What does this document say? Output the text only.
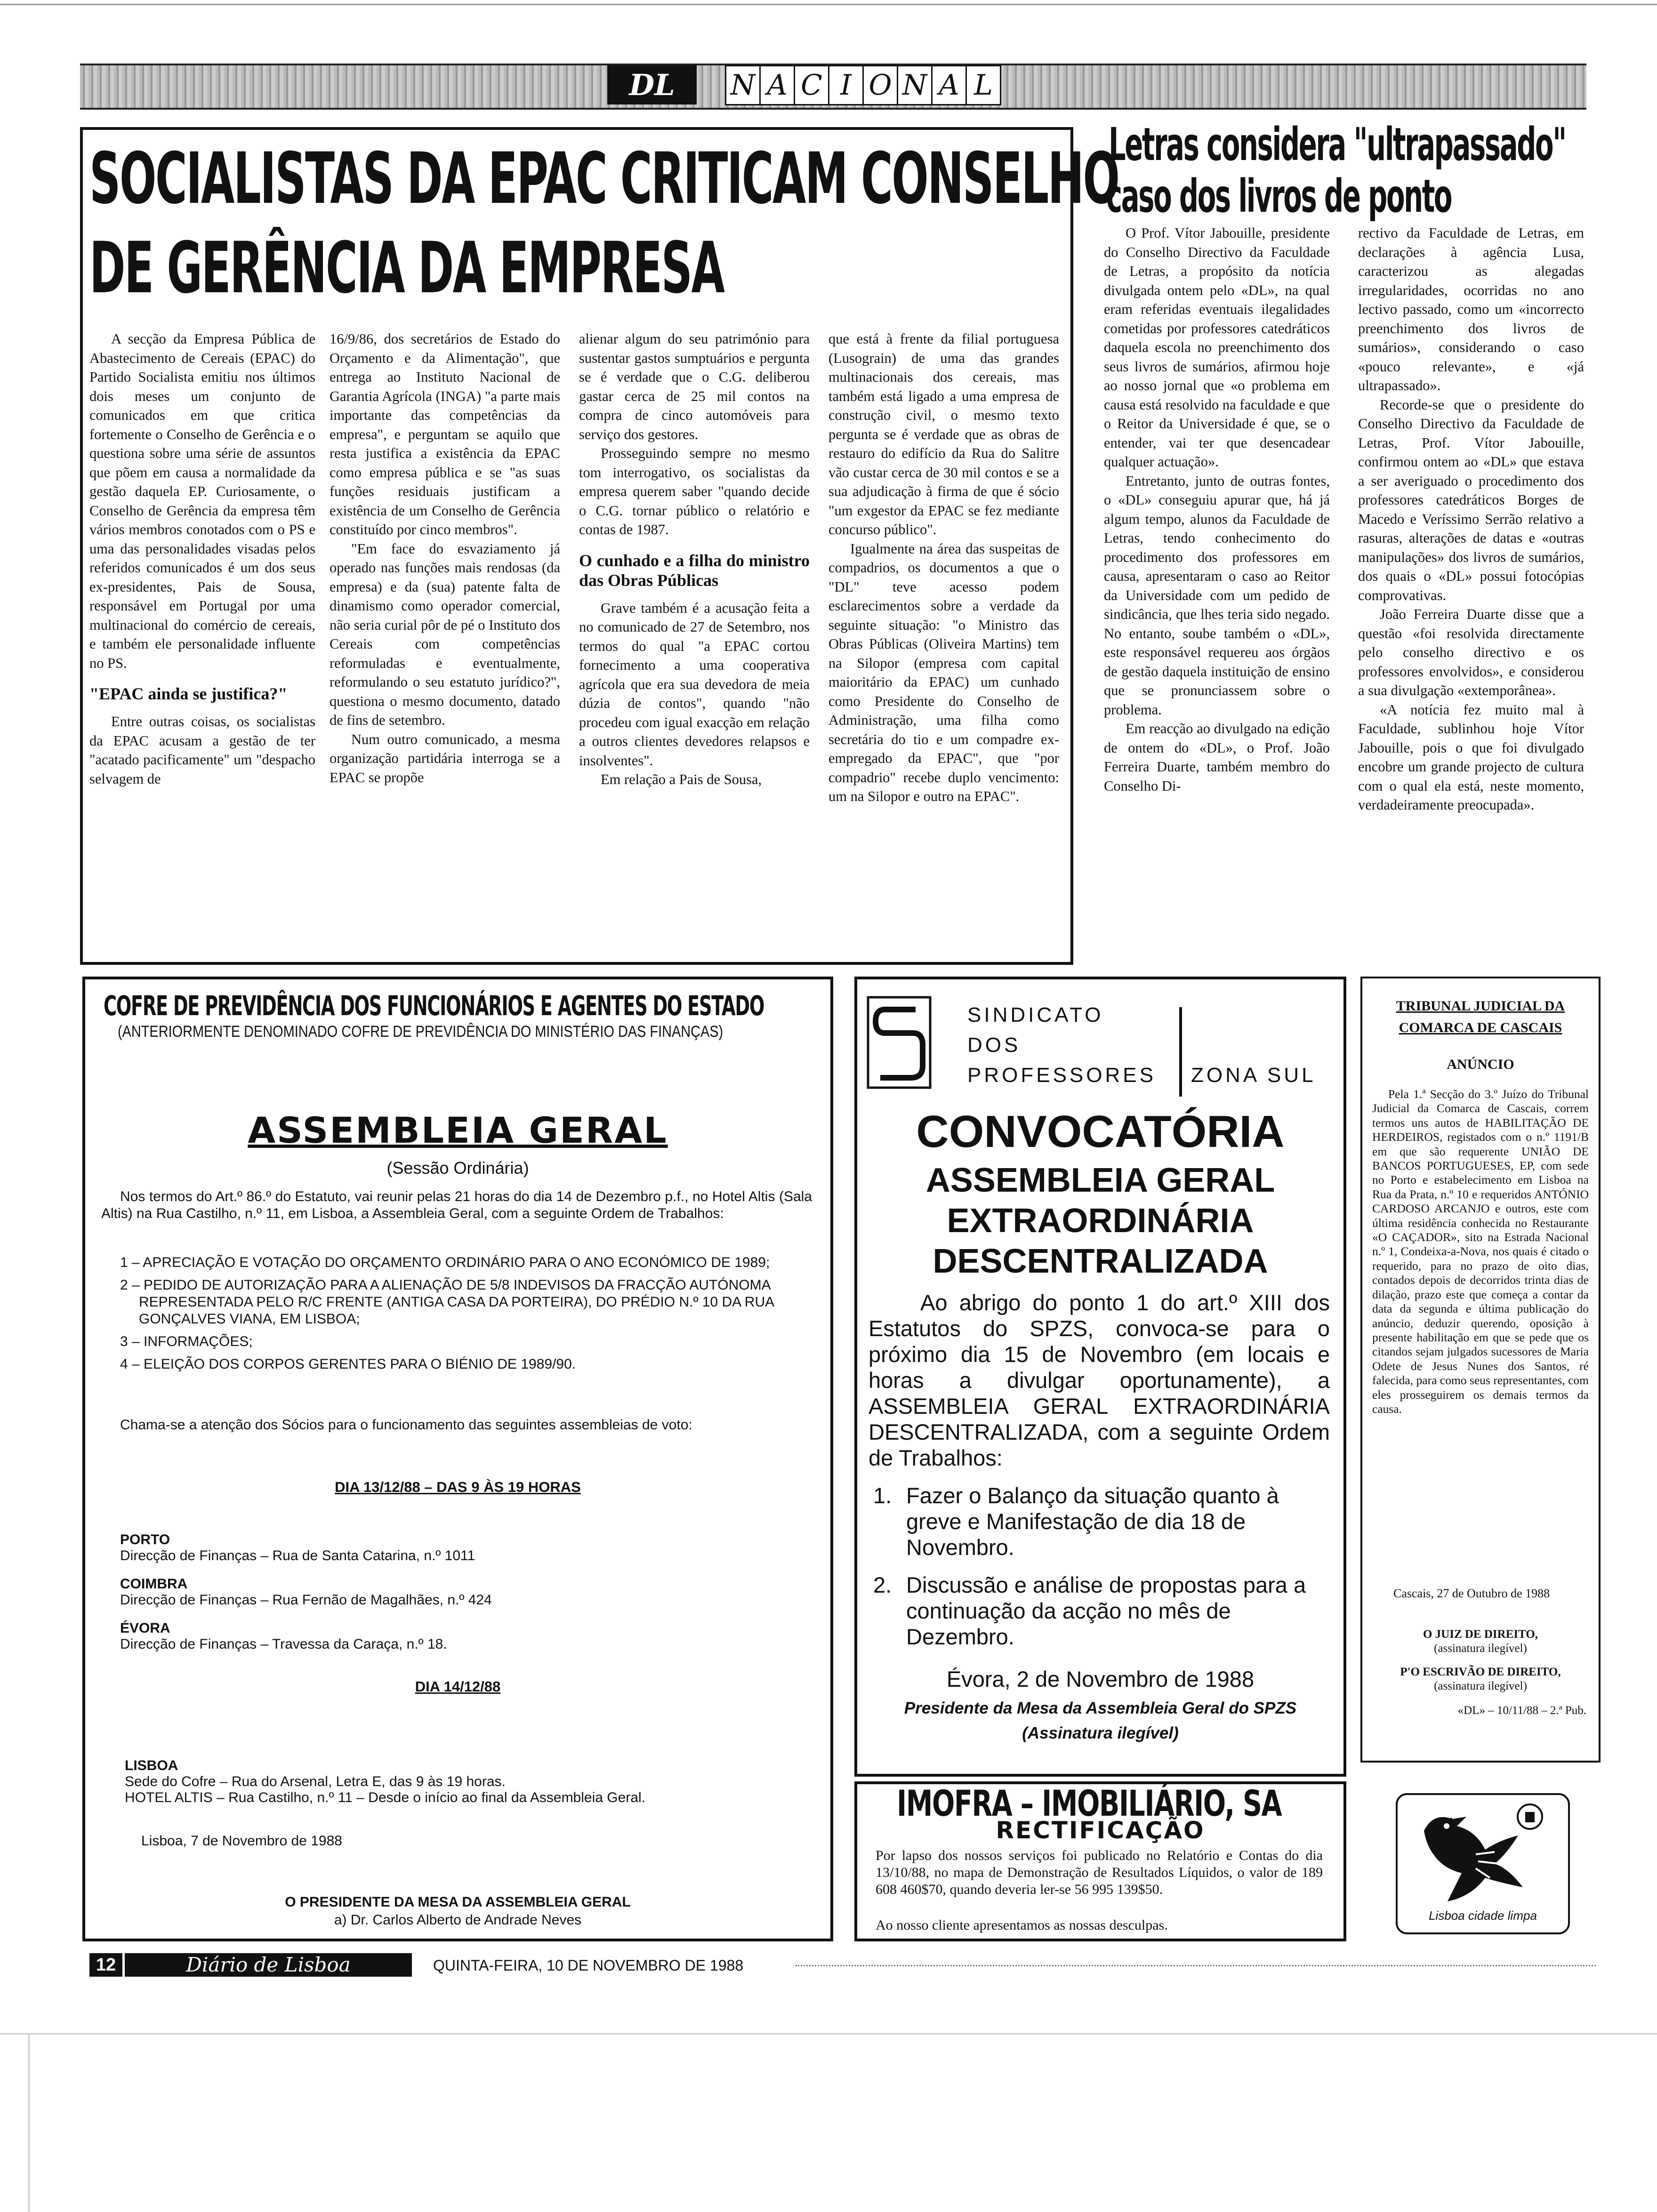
DL	N A C I O N A L
SOCIALISTAS DA EPAC CRITICAM CONSELHO
DE GERÊNCIA DA EMPRESA

A secção da Empresa Pública de Abastecimento de Cereais (EPAC) do Partido Socialista emitiu nos últimos dois meses um conjunto de comunicados em que critica fortemente o Conselho de Gerência e o questiona sobre uma série de assuntos que põem em causa a normalidade da gestão daquela EP. Curiosamente, o Conselho de Gerência da empresa têm vários membros conotados com o PS e uma das personalidades visadas pelos referidos comunicados é um dos seus ex-presidentes, Pais de Sousa, responsável em Portugal por uma multinacional do comércio de cereais, e também ele personalidade influente no PS.

"EPAC ainda se justifica?"

Entre outras coisas, os socialistas da EPAC acusam a gestão de ter "acatado pacificamente" um "despacho selvagem de

16/9/86, dos secretários de Estado do Orçamento e da Alimentação", que entrega ao Instituto Nacional de Garantia Agrícola (INGA) "a parte mais importante das competências da empresa", e perguntam se aquilo que resta justifica a existência da EPAC como empresa pública e se "as suas funções residuais justificam a existência de um Conselho de Gerência constituído por cinco membros".

"Em face do esvaziamento já operado nas funções mais rendosas (da empresa) e da (sua) patente falta de dinamismo como operador comercial, não seria curial pôr de pé o Instituto dos Cereais com competências reformuladas e eventualmente, reformulando o seu estatuto jurídico?", questiona o mesmo documento, datado de fins de setembro.

Num outro comunicado, a mesma organização partidária interroga se a EPAC se propõe

alienar algum do seu património para sustentar gastos sumptuários e pergunta se é verdade que o C.G. deliberou gastar cerca de 25 mil contos na compra de cinco automóveis para serviço dos gestores.

Prosseguindo sempre no mesmo tom interrogativo, os socialistas da empresa querem saber "quando decide o C.G. tornar público o relatório e contas de 1987.

O cunhado e a filha do ministro das Obras Públicas

Grave também é a acusação feita a no comunicado de 27 de Setembro, nos termos do qual "a EPAC cortou fornecimento a uma cooperativa agrícola que era sua devedora de meia dúzia de contos", quando "não procedeu com igual exacção em relação a outros clientes devedores relapsos e insolventes".

Em relação a Pais de Sousa,

que está à frente da filial portuguesa (Lusograin) de uma das grandes multinacionais dos cereais, mas também está ligado a uma empresa de construção civil, o mesmo texto pergunta se é verdade que as obras de restauro do edifício da Rua do Salitre vão custar cerca de 30 mil contos e se a sua adjudicação à firma de que é sócio "um exgestor da EPAC se fez mediante concurso público".

Igualmente na área das suspeitas de compadrios, os documentos a que o "DL" teve acesso podem esclarecimentos sobre a verdade da seguinte situação: "o Ministro das Obras Públicas (Oliveira Martins) tem na Silopor (empresa com capital maioritário da EPAC) um cunhado como Presidente do Conselho de Administração, uma filha como secretária do tio e um compadre ex-empregado da EPAC", que "por compadrio" recebe duplo vencimento: um na Silopor e outro na EPAC".

Letras considera "ultrapassado"
caso dos livros de ponto

O Prof. Vítor Jabouille, presidente do Conselho Directivo da Faculdade de Letras, a propósito da notícia divulgada ontem pelo «DL», na qual eram referidas eventuais ilegalidades cometidas por professores catedráticos daquela escola no preenchimento dos seus livros de sumários, afirmou hoje ao nosso jornal que «o problema em causa está resolvido na faculdade e que o Reitor da Universidade é que, se o entender, vai ter que desencadear qualquer actuação».

Entretanto, junto de outras fontes, o «DL» conseguiu apurar que, há já algum tempo, alunos da Faculdade de Letras, tendo conhecimento do procedimento dos professores em causa, apresentaram o caso ao Reitor da Universidade com um pedido de sindicância, que lhes teria sido negado. No entanto, soube também o «DL», este responsável requereu aos órgãos de gestão daquela instituição de ensino que se pronunciassem sobre o problema.

Em reacção ao divulgado na edição de ontem do «DL», o Prof. João Ferreira Duarte, também membro do Conselho Di-

rectivo da Faculdade de Letras, em declarações à agência Lusa, caracterizou as alegadas irregularidades, ocorridas no ano lectivo passado, como um «incorrecto preenchimento dos livros de sumários», considerando o caso «pouco relevante», e «já ultrapassado».

Recorde-se que o presidente do Conselho Directivo da Faculdade de Letras, Prof. Vítor Jabouille, confirmou ontem ao «DL» que estava a ser averiguado o procedimento dos professores catedráticos Borges de Macedo e Veríssimo Serrão relativo a rasuras, alterações de datas e «outras manipulações» dos livros de sumários, dos quais o «DL» possui fotocópias comprovativas.

João Ferreira Duarte disse que a questão «foi resolvida directamente pelo conselho directivo e os professores envolvidos», e considerou a sua divulgação «extemporânea».

«A notícia fez muito mal à Faculdade, sublinhou hoje Vítor Jabouille, pois o que foi divulgado encobre um grande projecto de cultura com o qual ela está, neste momento, verdadeiramente preocupada».

COFRE DE PREVIDÊNCIA DOS FUNCIONÁRIOS E AGENTES DO ESTADO
(ANTERIORMENTE DENOMINADO COFRE DE PREVIDÊNCIA DO MINISTÉRIO DAS FINANÇAS)
ASSEMBLEIA GERAL
(Sessão Ordinária)
Nos termos do Art.º 86.º do Estatuto, vai reunir pelas 21 horas do dia 14 de Dezembro p.f., no Hotel Altis (Sala Altis) na Rua Castilho, n.º 11, em Lisboa, a Assembleia Geral, com a seguinte Ordem de Trabalhos:
1 – APRECIAÇÃO E VOTAÇÃO DO ORÇAMENTO ORDINÁRIO PARA O ANO ECONÓMICO DE 1989;
2 – PEDIDO DE AUTORIZAÇÃO PARA A ALIENAÇÃO DE 5/8 INDEVISOS DA FRACÇÃO AUTÓNOMA REPRESENTADA PELO R/C FRENTE (ANTIGA CASA DA PORTEIRA), DO PRÉDIO N.º 10 DA RUA GONÇALVES VIANA, EM LISBOA;
3 – INFORMAÇÕES;
4 – ELEIÇÃO DOS CORPOS GERENTES PARA O BIÉNIO DE 1989/90.
Chama-se a atenção dos Sócios para o funcionamento das seguintes assembleias de voto:
DIA 13/12/88 – DAS 9 ÀS 19 HORAS
PORTO
Direcção de Finanças – Rua de Santa Catarina, n.º 1011
COIMBRA
Direcção de Finanças – Rua Fernão de Magalhães, n.º 424
ÉVORA
Direcção de Finanças – Travessa da Caraça, n.º 18.
DIA 14/12/88
LISBOA
Sede do Cofre – Rua do Arsenal, Letra E, das 9 às 19 horas.
HOTEL ALTIS – Rua Castilho, n.º 11 – Desde o início ao final da Assembleia Geral.
Lisboa, 7 de Novembro de 1988
O PRESIDENTE DA MESA DA ASSEMBLEIA GERAL
a) Dr. Carlos Alberto de Andrade Neves
SINDICATO
DOS
PROFESSORES ZONA SUL
CONVOCATÓRIA
ASSEMBLEIA GERAL
EXTRAORDINÁRIA
DESCENTRALIZADA
Ao abrigo do ponto 1 do art.º XIII dos Estatutos do SPZS, convoca-se para o próximo dia 15 de Novembro (em locais e horas a divulgar oportunamente), a ASSEMBLEIA GERAL EXTRAORDINÁRIA DESCENTRALIZADA, com a seguinte Ordem de Trabalhos:
1. Fazer o Balanço da situação quanto à greve e Manifestação de dia 18 de Novembro.
2. Discussão e análise de propostas para a continuação da acção no mês de Dezembro.
Évora, 2 de Novembro de 1988
Presidente da Mesa da Assembleia Geral do SPZS
(Assinatura ilegível)
IMOFRA – IMOBILIÁRIO, SA
RECTIFICAÇÃO
Por lapso dos nossos serviços foi publicado no Relatório e Contas do dia 13/10/88, no mapa de Demonstração de Resultados Líquidos, o valor de 189 608 460$70, quando deveria ler-se 56 995 139$50.
Ao nosso cliente apresentamos as nossas desculpas.
TRIBUNAL JUDICIAL DA
COMARCA DE CASCAIS
ANÚNCIO
Pela 1.ª Secção do 3.º Juízo do Tribunal Judicial da Comarca de Cascais, correm termos uns autos de HABILITAÇÃO DE HERDEIROS, registados com o n.º 1191/B em que são requerente UNIÃO DE BANCOS PORTUGUESES, EP, com sede no Porto e estabelecimento em Lisboa na Rua da Prata, n.º 10 e requeridos ANTÓNIO CARDOSO ARCANJO e outros, este com última residência conhecida no Restaurante «O CAÇADOR», sito na Estrada Nacional n.º 1, Condeixa-a-Nova, nos quais é citado o requerido, para no prazo de oito dias, contados depois de decorridos trinta dias de dilação, prazo este que começa a contar da data da segunda e última publicação do anúncio, deduzir querendo, oposição à presente habilitação em que se pede que os citandos sejam julgados sucessores de Maria Odete de Jesus Nunes dos Santos, ré falecida, para como seus representantes, com eles prosseguirem os demais termos da causa.
Cascais, 27 de Outubro de 1988
O JUIZ DE DIREITO,
(assinatura ilegível)
P'O ESCRIVÃO DE DIREITO,
(assinatura ilegível)
«DL» – 10/11/88 – 2.ª Pub.
Lisboa cidade limpa
12	Diário de Lisboa	QUINTA-FEIRA, 10 DE NOVEMBRO DE 1988
